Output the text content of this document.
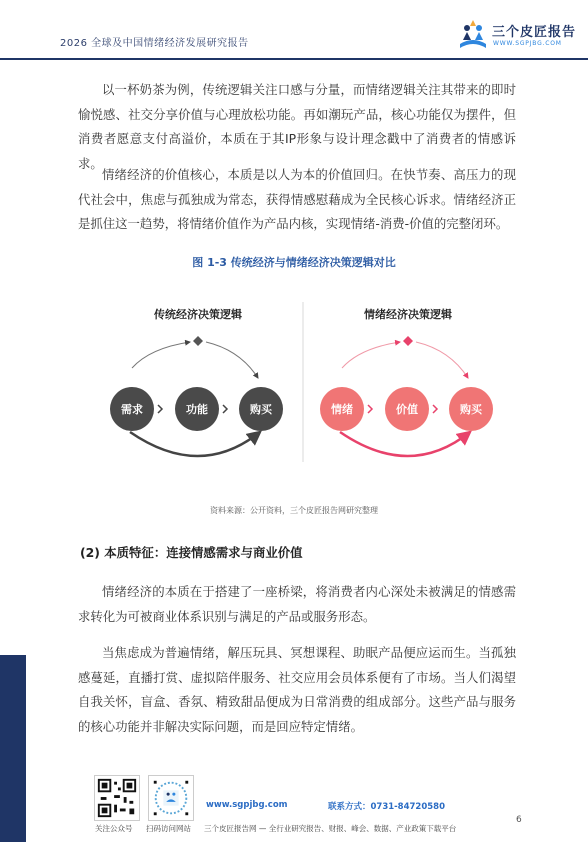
2026 全球及中国情绪经济发展研究报告
三个皮匠报告
WWW.SGPJBG.COM

以一杯奶茶为例，传统逻辑关注口感与分量，而情绪逻辑关注其带来的即时愉悦感、社交分享价值与心理放松功能。再如潮玩产品，核心功能仅为摆件，但消费者愿意支付高溢价，本质在于其IP形象与设计理念戳中了消费者的情感诉求。

情绪经济的价值核心，本质是以人为本的价值回归。在快节奏、高压力的现代社会中，焦虑与孤独成为常态，获得情感慰藉成为全民核心诉求。情绪经济正是抓住这一趋势，将情绪价值作为产品内核，实现情绪-消费-价值的完整闭环。

图 1-3 传统经济与情绪经济决策逻辑对比
传统经济决策逻辑
需求	功能	购买
情绪经济决策逻辑
情绪	价值	购买
资料来源：公开资料，三个皮匠报告网研究整理
(2) 本质特征：连接情感需求与商业价值

情绪经济的本质在于搭建了一座桥梁，将消费者内心深处未被满足的情感需求转化为可被商业体系识别与满足的产品或服务形态。

当焦虑成为普遍情绪，解压玩具、冥想课程、助眠产品便应运而生。当孤独感蔓延，直播打赏、虚拟陪伴服务、社交应用会员体系便有了市场。当人们渴望自我关怀，盲盒、香氛、精致甜品便成为日常消费的组成部分。这些产品与服务的核心功能并非解决实际问题，而是回应特定情绪。

关注公众号 扫码访问网站
www.sgpjbg.com	联系方式：0731-84720580
三个皮匠报告网 — 全行业研究报告、财报、峰会、数据、产业政策下载平台
6
